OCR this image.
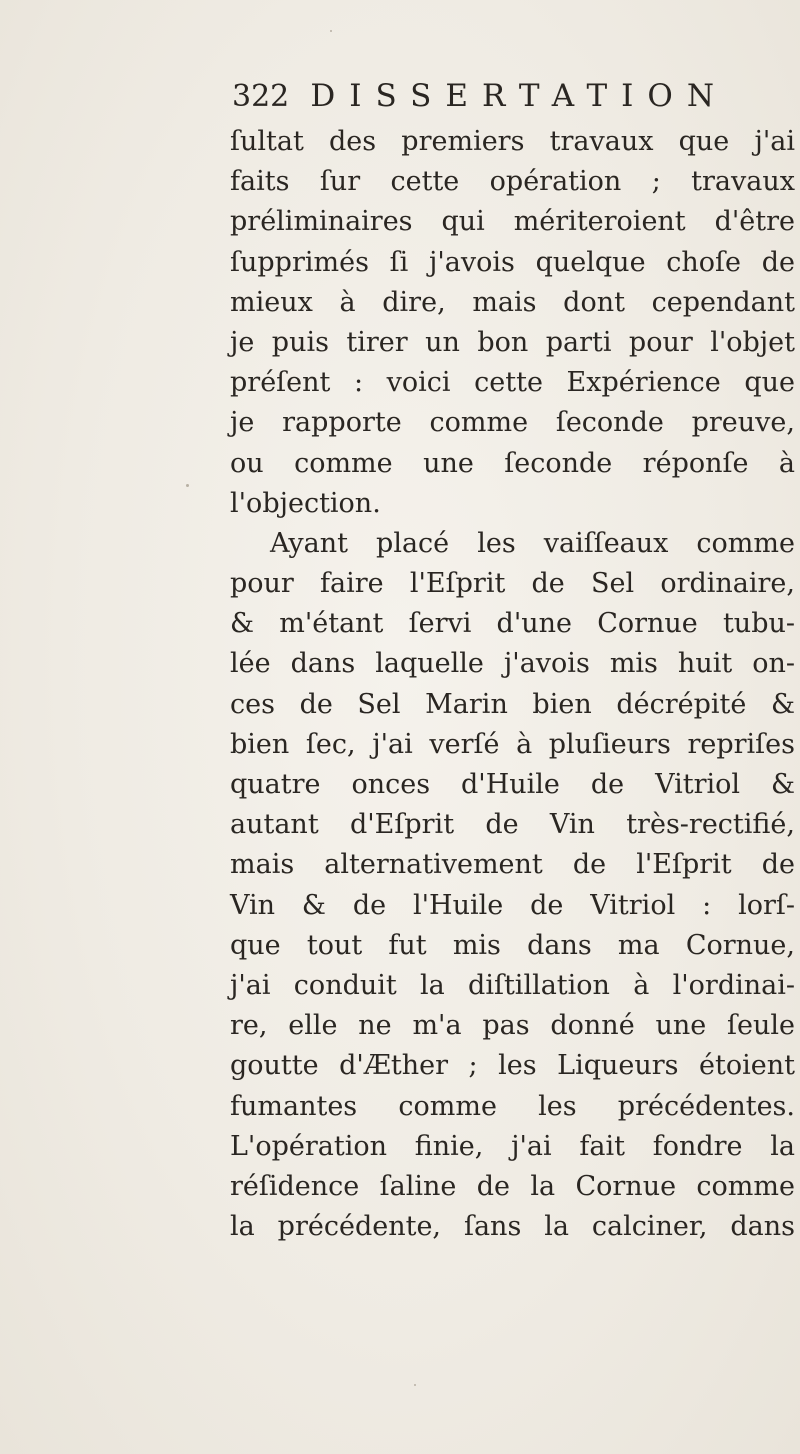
322 DISSERTATION
ſultat des premiers travaux que j'ai
faits ſur cette opération ; travaux
préliminaires qui mériteroient d'être
ſupprimés ſi j'avois quelque choſe de
mieux à dire, mais dont cependant
je puis tirer un bon parti pour l'objet
préſent : voici cette Expérience que
je rapporte comme ſeconde preuve,
ou comme une ſeconde réponſe à
l'objection.
Ayant placé les vaiſſeaux comme
pour faire l'Eſprit de Sel ordinaire,
& m'étant ſervi d'une Cornue tubu-
lée dans laquelle j'avois mis huit on-
ces de Sel Marin bien décrépité &
bien ſec, j'ai verſé à pluſieurs repriſes
quatre onces d'Huile de Vitriol &
autant d'Eſprit de Vin très-rectifié,
mais alternativement de l'Eſprit de
Vin & de l'Huile de Vitriol : lorſ-
que tout fut mis dans ma Cornue,
j'ai conduit la diſtillation à l'ordinai-
re, elle ne m'a pas donné une ſeule
goutte d'Æther ; les Liqueurs étoient
fumantes comme les précédentes.
L'opération finie, j'ai fait fondre la
réſidence ſaline de la Cornue comme
la précédente, ſans la calciner, dans
